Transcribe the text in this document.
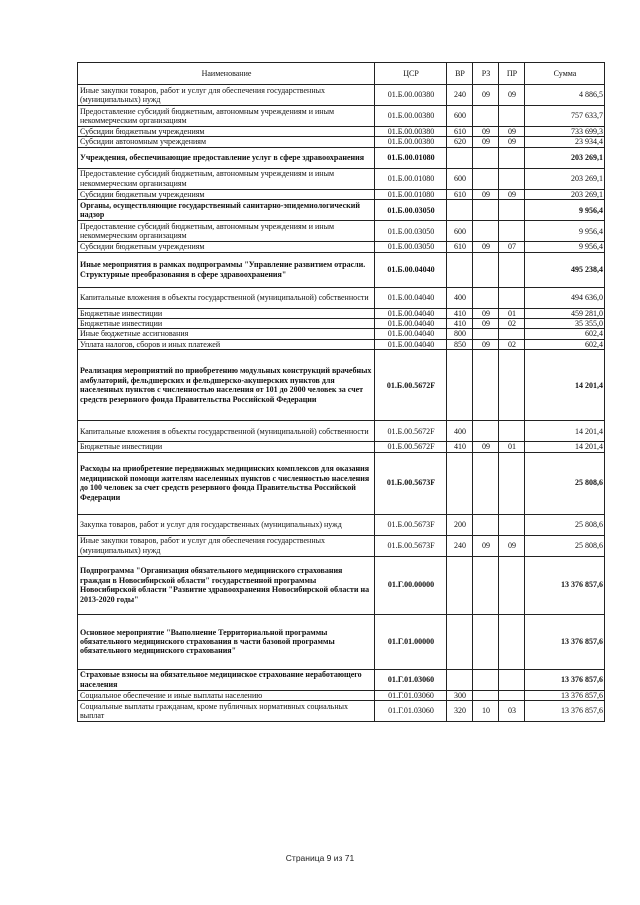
Наименование	ЦСР	ВР	РЗ	ПР	Сумма
Иные закупки товаров, работ и услуг для обеспечения государственных (муниципальных) нужд	01.Б.00.00380	240	09	09	4 886,5
Предоставление субсидий бюджетным, автономным учреждениям и иным некоммерческим организациям	01.Б.00.00380	600			757 633,7
Субсидии бюджетным учреждениям	01.Б.00.00380	610	09	09	733 699,3
Субсидии автономным учреждениям	01.Б.00.00380	620	09	09	23 934,4
Учреждения, обеспечивающие предоставление услуг в сфере здравоохранения	01.Б.00.01080				203 269,1
Предоставление субсидий бюджетным, автономным учреждениям и иным некоммерческим организациям	01.Б.00.01080	600			203 269,1
Субсидии бюджетным учреждениям	01.Б.00.01080	610	09	09	203 269,1
Органы, осуществляющие государственный санитарно-эпидемиологический надзор	01.Б.00.03050				9 956,4
Предоставление субсидий бюджетным, автономным учреждениям и иным некоммерческим организациям	01.Б.00.03050	600			9 956,4
Субсидии бюджетным учреждениям	01.Б.00.03050	610	09	07	9 956,4
Иные мероприятия в рамках подпрограммы "Управление развитием отрасли. Структурные преобразования в сфере здравоохранения"	01.Б.00.04040				495 238,4
Капитальные вложения в объекты государственной (муниципальной) собственности	01.Б.00.04040	400			494 636,0
Бюджетные инвестиции	01.Б.00.04040	410	09	01	459 281,0
Бюджетные инвестиции	01.Б.00.04040	410	09	02	35 355,0
Иные бюджетные ассигнования	01.Б.00.04040	800			602,4
Уплата налогов, сборов и иных платежей	01.Б.00.04040	850	09	02	602,4
Реализация мероприятий по приобретению модульных конструкций врачебных амбулаторий, фельдшерских и фельдшерско-акушерских пунктов для населенных пунктов с численностью населения от 101 до 2000 человек за счет средств резервного фонда Правительства Российской Федерации	01.Б.00.5672F				14 201,4
Капитальные вложения в объекты государственной (муниципальной) собственности	01.Б.00.5672F	400			14 201,4
Бюджетные инвестиции	01.Б.00.5672F	410	09	01	14 201,4
Расходы на приобретение передвижных медицинских комплексов для оказания медицинской помощи жителям населенных пунктов с численностью населения до 100 человек за счет средств резервного фонда Правительства Российской Федерации	01.Б.00.5673F				25 808,6
Закупка товаров, работ и услуг для государственных (муниципальных) нужд	01.Б.00.5673F	200			25 808,6
Иные закупки товаров, работ и услуг для обеспечения государственных (муниципальных) нужд	01.Б.00.5673F	240	09	09	25 808,6
Подпрограмма "Организация обязательного медицинского страхования граждан в Новосибирской области" государственной программы Новосибирской области "Развитие здравоохранения Новосибирской области на 2013-2020 годы"	01.Г.00.00000				13 376 857,6
Основное мероприятие "Выполнение Территориальной программы обязательного медицинского страхования в части базовой программы обязательного медицинского страхования"	01.Г.01.00000				13 376 857,6
Страховые взносы на обязательное медицинское страхование неработающего населения	01.Г.01.03060				13 376 857,6
Социальное обеспечение и иные выплаты населению	01.Г.01.03060	300			13 376 857,6
Социальные выплаты гражданам, кроме публичных нормативных социальных выплат	01.Г.01.03060	320	10	03	13 376 857,6
Страница 9 из 71
